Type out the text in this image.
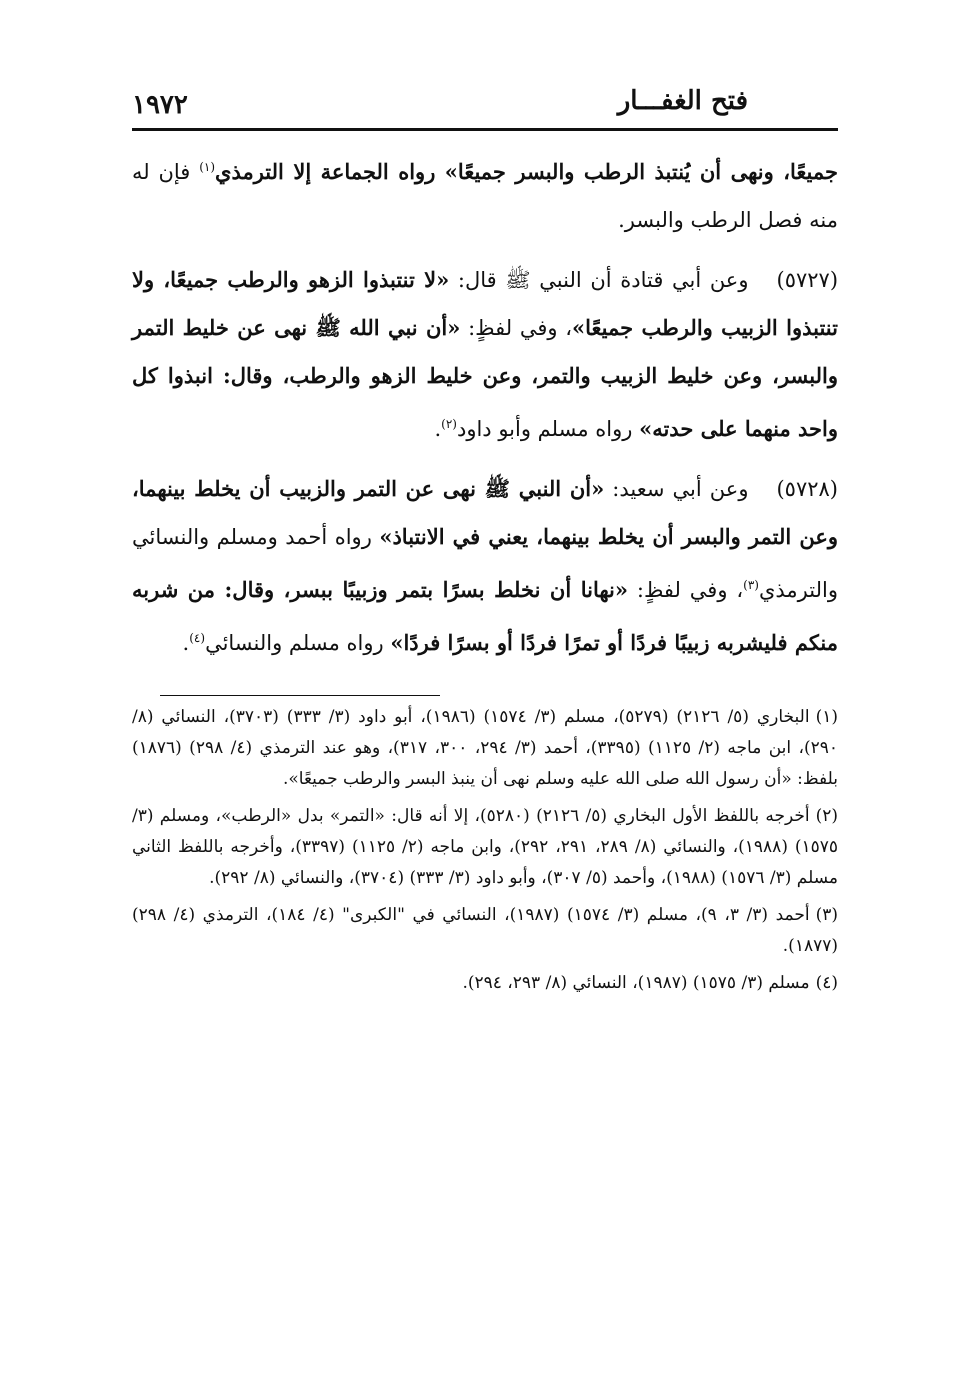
فتح الغفـــار
١٩٧٢

جميعًا، ونهى أن يُنتبذ الرطب والبسر جميعًا» رواه الجماعة إلا الترمذي$^{(١)}$ فإن له منه فصل الرطب والبسر.

(٥٧٢٧)وعن أبي قتادة أن النبي ﷺ قال: «لا تنتبذوا الزهو والرطب جميعًا، ولا تنتبذوا الزبيب والرطب جميعًا»، وفي لفظٍ: «أن نبي الله ﷺ نهى عن خليط التمر والبسر، وعن خليط الزبيب والتمر، وعن خليط الزهو والرطب، وقال: انبذوا كل واحد منهما على حدته» رواه مسلم وأبو داود$^{(٢)}$.

(٥٧٢٨)وعن أبي سعيد: «أن النبي ﷺ نهى عن التمر والزبيب أن يخلط بينهما، وعن التمر والبسر أن يخلط بينهما، يعني في الانتباذ» رواه أحمد ومسلم والنسائي والترمذي$^{(٣)}$، وفي لفظٍ: «نهانا أن نخلط بسرًا بتمر وزبيبًا ببسر، وقال: من شربه منكم فليشربه زبيبًا فردًا أو تمرًا فردًا أو بسرًا فردًا» رواه مسلم والنسائي$^{(٤)}$.

(١)البخاري (٥/ ٢١٢٦) (٥٢٧٩)، مسلم (٣/ ١٥٧٤) (١٩٨٦)، أبو داود (٣/ ٣٣٣) (٣٧٠٣)، النسائي (٨/ ٢٩٠)، ابن ماجه (٢/ ١١٢٥) (٣٣٩٥)، أحمد (٣/ ٢٩٤، ٣٠٠، ٣١٧)، وهو عند الترمذي (٤/ ٢٩٨) (١٨٧٦) بلفظ: «أن رسول الله صلى الله عليه وسلم نهى أن ينبذ البسر والرطب جميعًا».

(٢)أخرجه باللفظ الأول البخاري (٥/ ٢١٢٦) (٥٢٨٠)، إلا أنه قال: «التمر» بدل «الرطب»، ومسلم (٣/ ١٥٧٥) (١٩٨٨)، والنسائي (٨/ ٢٨٩، ٢٩١، ٢٩٢)، وابن ماجه (٢/ ١١٢٥) (٣٣٩٧)، وأخرجه باللفظ الثاني مسلم (٣/ ١٥٧٦) (١٩٨٨)، وأحمد (٥/ ٣٠٧)، وأبو داود (٣/ ٣٣٣) (٣٧٠٤)، والنسائي (٨/ ٢٩٢).

(٣)أحمد (٣/ ٣، ٩)، مسلم (٣/ ١٥٧٤) (١٩٨٧)، النسائي في "الكبرى" (٤/ ١٨٤)، الترمذي (٤/ ٢٩٨) (١٨٧٧).

(٤)مسلم (٣/ ١٥٧٥) (١٩٨٧)، النسائي (٨/ ٢٩٣، ٢٩٤).
